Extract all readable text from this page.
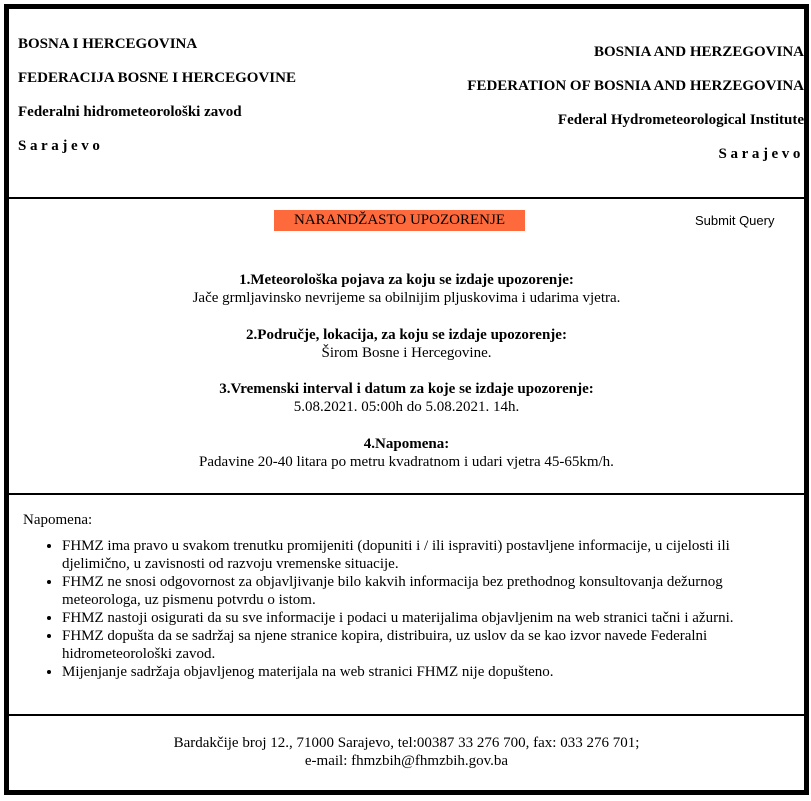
BOSNA I HERCEGOVINA
FEDERACIJA BOSNE I HERCEGOVINE
Federalni hidrometeorološki zavod
Sarajevo
BOSNIA AND HERZEGOVINA
FEDERATION OF BOSNIA AND HERZEGOVINA
Federal Hydrometeorological Institute
Sarajevo
NARANDŽASTO UPOZORENJE	Submit Query
1.Meteorološka pojava za koju se izdaje upozorenje:
Jače grmljavinsko nevrijeme sa obilnijim pljuskovima i udarima vjetra.
2.Područje, lokacija, za koju se izdaje upozorenje:
Širom Bosne i Hercegovine.
3.Vremenski interval i datum za koje se izdaje upozorenje:
5.08.2021. 05:00h do 5.08.2021. 14h.
4.Napomena:
Padavine 20-40 litara po metru kvadratnom i udari vjetra 45-65km/h.
Napomena:
• FHMZ ima pravo u svakom trenutku promijeniti (dopuniti i / ili ispraviti) postavljene informacije, u cijelosti ili djelimično, u zavisnosti od razvoju vremenske situacije.
• FHMZ ne snosi odgovornost za objavljivanje bilo kakvih informacija bez prethodnog konsultovanja dežurnog meteorologa, uz pismenu potvrdu o istom.
• FHMZ nastoji osigurati da su sve informacije i podaci u materijalima objavljenim na web stranici tačni i ažurni.
• FHMZ dopušta da se sadržaj sa njene stranice kopira, distribuira, uz uslov da se kao izvor navede Federalni hidrometeorološki zavod.
• Mijenjanje sadržaja objavljenog materijala na web stranici FHMZ nije dopušteno.
Bardakčije broj 12., 71000 Sarajevo, tel:00387 33 276 700, fax: 033 276 701;
e-mail: fhmzbih@fhmzbih.gov.ba
